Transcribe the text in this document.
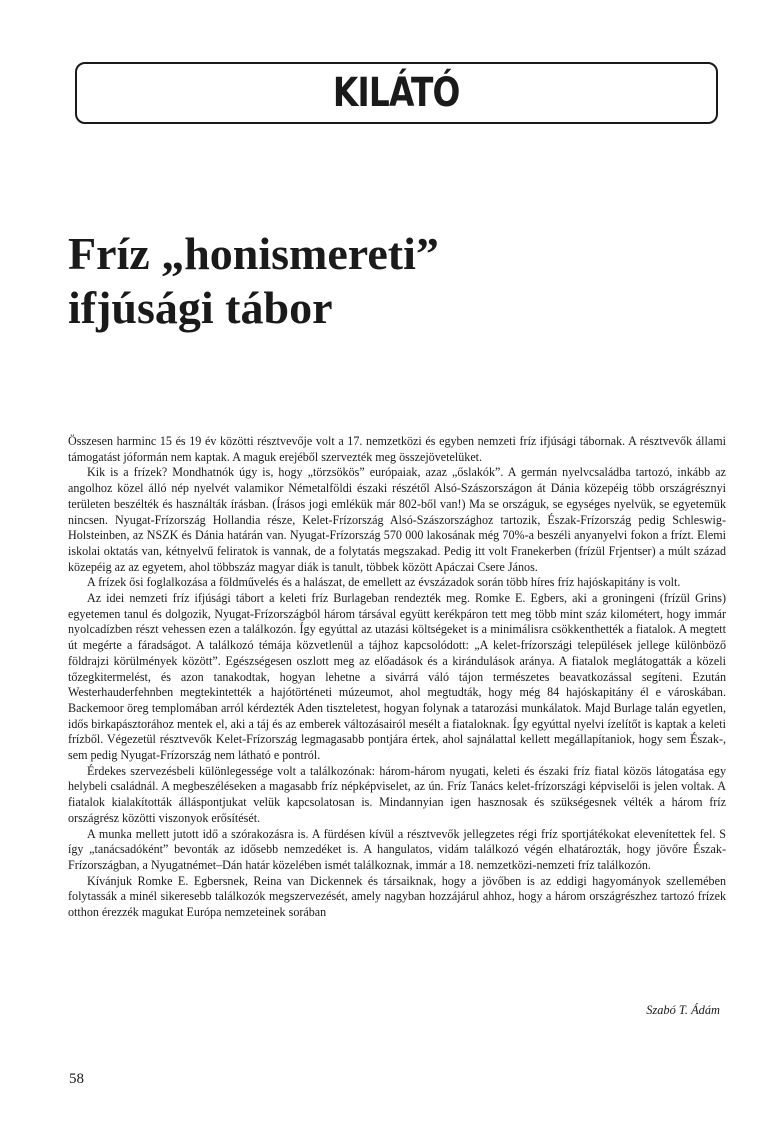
KILÁTÓ
Fríz „honismereti”
ifjúsági tábor

Összesen harminc 15 és 19 év közötti résztvevője volt a 17. nemzetközi és egyben nemzeti fríz ifjúsági tábornak. A résztvevők állami támogatást jóformán nem kaptak. A maguk erejéből szervezték meg összejövetelüket.

Kik is a frízek? Mondhatnók úgy is, hogy „törzsökös” európaiak, azaz „őslakók”. A germán nyelvcsaládba tartozó, inkább az angolhoz közel álló nép nyelvét valamikor Németalföldi északi részétől Alsó-Szászországon át Dánia közepéig több országrésznyi területen beszélték és használták írásban. (Írásos jogi emlékük már 802-ből van!) Ma se országuk, se egységes nyelvük, se egyetemük nincsen. Nyugat-Frízország Hollandia része, Kelet-Frízország Alsó-Szászországhoz tartozik, Észak-Frízország pedig Schleswig-Holsteinben, az NSZK és Dánia határán van. Nyugat-Frízország 570 000 lakosának még 70%-a beszéli anyanyelvi fokon a frízt. Elemi iskolai oktatás van, kétnyelvű feliratok is vannak, de a folytatás megszakad. Pedig itt volt Franekerben (frízül Frjentser) a múlt század közepéig az az egyetem, ahol többszáz magyar diák is tanult, többek között Apáczai Csere János.

A frízek ősi foglalkozása a földművelés és a halászat, de emellett az évszázadok során több híres fríz hajóskapitány is volt.

Az idei nemzeti fríz ifjúsági tábort a keleti fríz Burlageban rendezték meg. Romke E. Egbers, aki a groningeni (frízül Grins) egyetemen tanul és dolgozik, Nyugat-Frízországból három társával együtt kerékpáron tett meg több mint száz kilométert, hogy immár nyolcadízben részt vehessen ezen a találkozón. Így egyúttal az utazási költségeket is a minimálisra csökkenthették a fiatalok. A megtett út megérte a fáradságot. A találkozó témája közvetlenül a tájhoz kapcsolódott: „A kelet-frízországi települések jellege különböző földrajzi körülmények között”. Egészségesen oszlott meg az előadások és a kirándulások aránya. A fiatalok meglátogatták a közeli tőzegkitermelést, és azon tanakodtak, hogyan lehetne a sivárrá váló tájon természetes beavatkozással segíteni. Ezután Westerhauderfehnben megtekintették a hajótörténeti múzeumot, ahol megtudták, hogy még 84 hajóskapitány él e városkában. Backemoor öreg templomában arról kérdezték Aden tiszteletest, hogyan folynak a tatarozási munkálatok. Majd Burlage talán egyetlen, idős birkapásztorához mentek el, aki a táj és az emberek változásairól mesélt a fiataloknak. Így egyúttal nyelvi ízelítőt is kaptak a keleti frízből. Végezetül résztvevők Kelet-Frízország legmagasabb pontjára értek, ahol sajnálattal kellett megállapítaniok, hogy sem Észak-, sem pedig Nyugat-Frízország nem látható e pontról.

Érdekes szervezésbeli különlegessége volt a találkozónak: három-három nyugati, keleti és északi fríz fiatal közös látogatása egy helybeli családnál. A megbeszéléseken a magasabb fríz népképviselet, az ún. Fríz Tanács kelet-frízországi képviselői is jelen voltak. A fiatalok kialakították álláspontjukat velük kapcsolatosan is. Mindannyian igen hasznosak és szükségesnek vélték a három fríz országrész közötti viszonyok erősítését.

A munka mellett jutott idő a szórakozásra is. A fürdésen kívül a résztvevők jellegzetes régi fríz sportjátékokat elevenítettek fel. S így „tanácsadóként” bevonták az idősebb nemzedéket is. A hangulatos, vidám találkozó végén elhatározták, hogy jövőre Észak-Frízországban, a Nyugatnémet–Dán határ közelében ismét találkoznak, immár a 18. nemzetközi-nemzeti fríz találkozón.

Kívánjuk Romke E. Egbersnek, Reina van Dickennek és társaiknak, hogy a jövőben is az eddigi hagyományok szellemében folytassák a minél sikeresebb találkozók megszervezését, amely nagyban hozzájárul ahhoz, hogy a három országrészhez tartozó frízek otthon érezzék magukat Európa nemzeteinek sorában

Szabó T. Ádám
58
